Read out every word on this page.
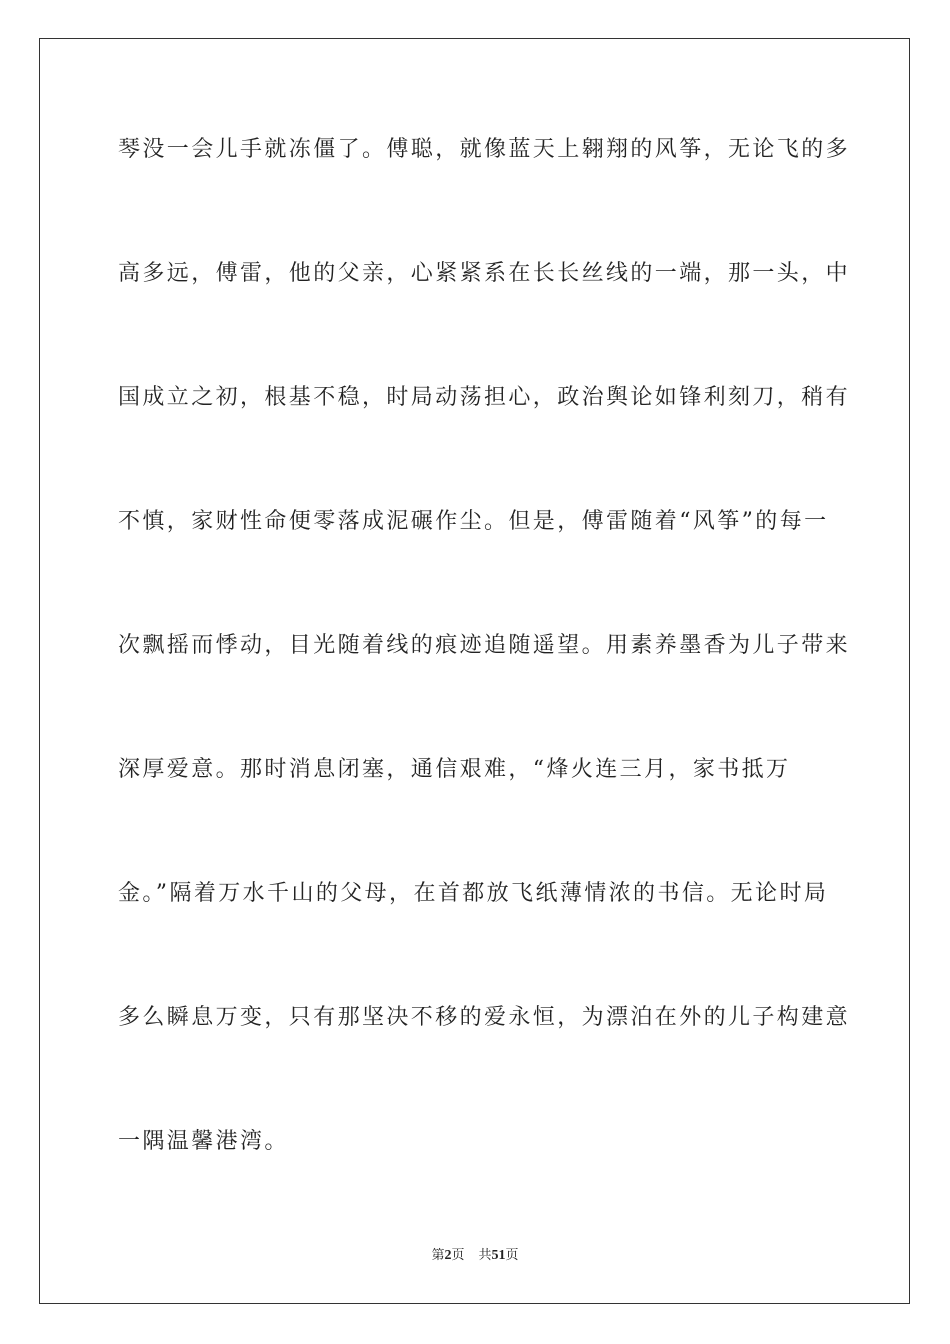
琴没一会儿手就冻僵了。傅聪，就像蓝天上翱翔的风筝，无论飞的多
高多远，傅雷，他的父亲，心紧紧系在长长丝线的一端，那一头，中
国成立之初，根基不稳，时局动荡担心，政治舆论如锋利刻刀，稍有
不慎，家财性命便零落成泥碾作尘。但是，傅雷随着“风筝”的每一
次飘摇而悸动，目光随着线的痕迹追随遥望。用素养墨香为儿子带来
深厚爱意。那时消息闭塞，通信艰难，“烽火连三月，家书抵万
金。”隔着万水千山的父母，在首都放飞纸薄情浓的书信。无论时局
多么瞬息万变，只有那坚决不移的爱永恒，为漂泊在外的儿子构建意
一隅温馨港湾。
第2页 共51页
